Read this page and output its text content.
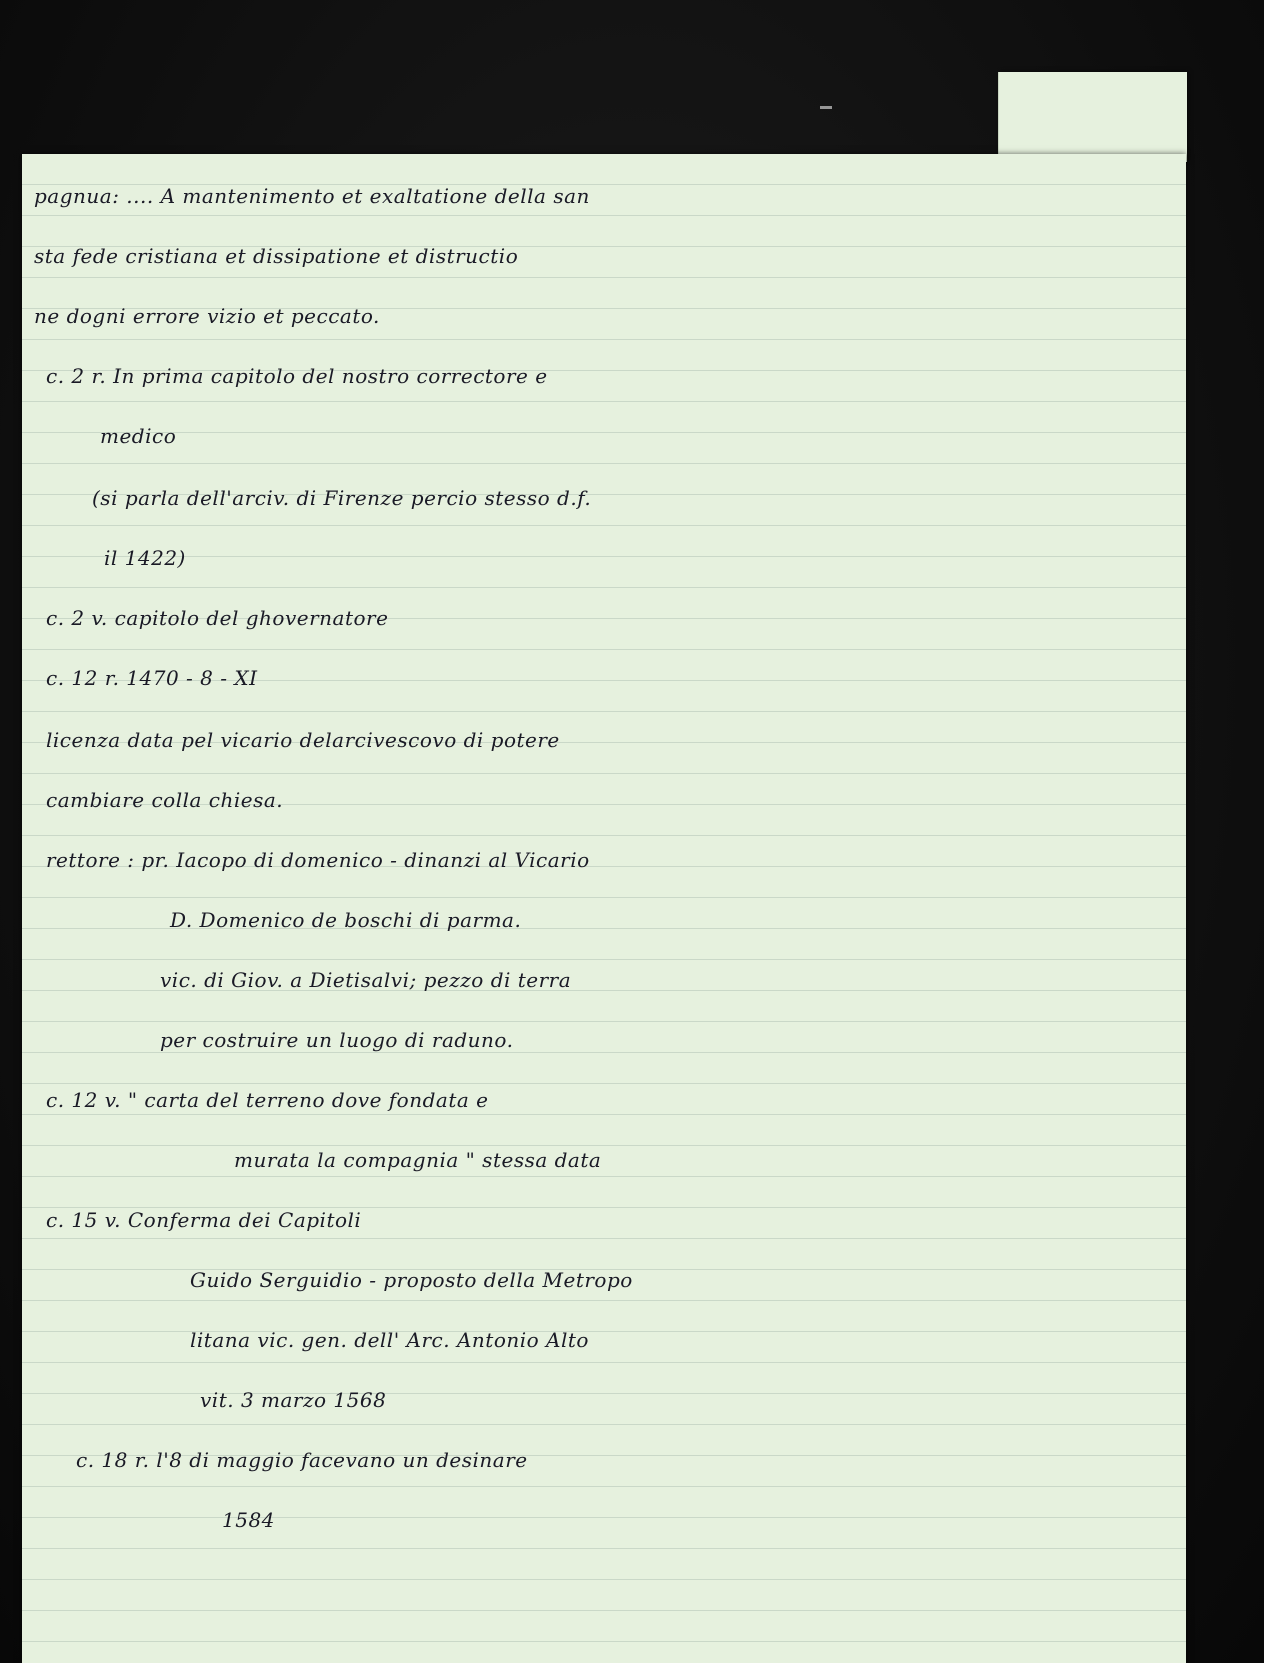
pagnua: .... A mantenimento et exaltatione della san
sta fede cristiana et dissipatione et distructio
ne dogni errore vizio et peccato.
c. 2 r. In prima capitolo del nostro correctore e
medico
(si parla dell'arciv. di Firenze percio stesso d.f.
il 1422)
c. 2 v. capitolo del ghovernatore
c. 12 r. 1470 - 8 - XI
licenza data pel vicario delarcivescovo di potere
cambiare colla chiesa.
rettore : pr. Iacopo di domenico - dinanzi al Vicario
D. Domenico de boschi di parma.
vic. di Giov. a Dietisalvi; pezzo di terra
per costruire un luogo di raduno.
c. 12 v. " carta del terreno dove fondata e
murata la compagnia " stessa data
c. 15 v. Conferma dei Capitoli
Guido Serguidio - proposto della Metropo
litana vic. gen. dell' Arc. Antonio Alto
vit. 3 marzo 1568
c. 18 r. l'8 di maggio facevano un desinare
1584
